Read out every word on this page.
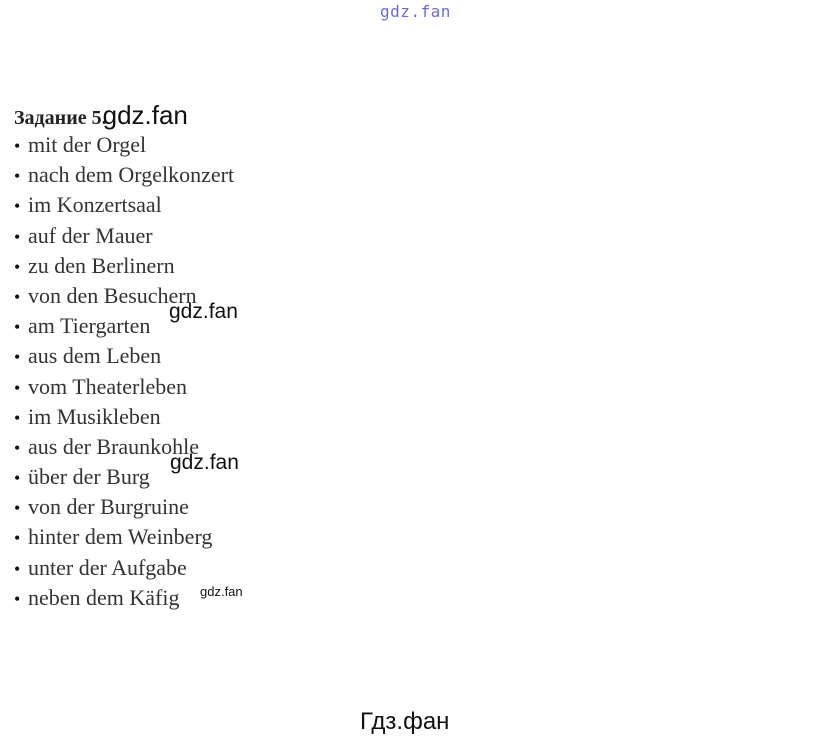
gdz.fan
Задание 5.gdz.fan
• mit der Orgel
• nach dem Orgelkonzert
• im Konzertsaal
• auf der Mauer
• zu den Berlinern
• von den Besuchern
• am Tiergarten
gdz.fan
• aus dem Leben
• vom Theaterleben
• im Musikleben
• aus der Braunkohle
• über der Burg
gdz.fan
• von der Burgruine
• hinter dem Weinberg
• unter der Aufgabe
• neben dem Käfig gdz.fan
Гдз.фан
